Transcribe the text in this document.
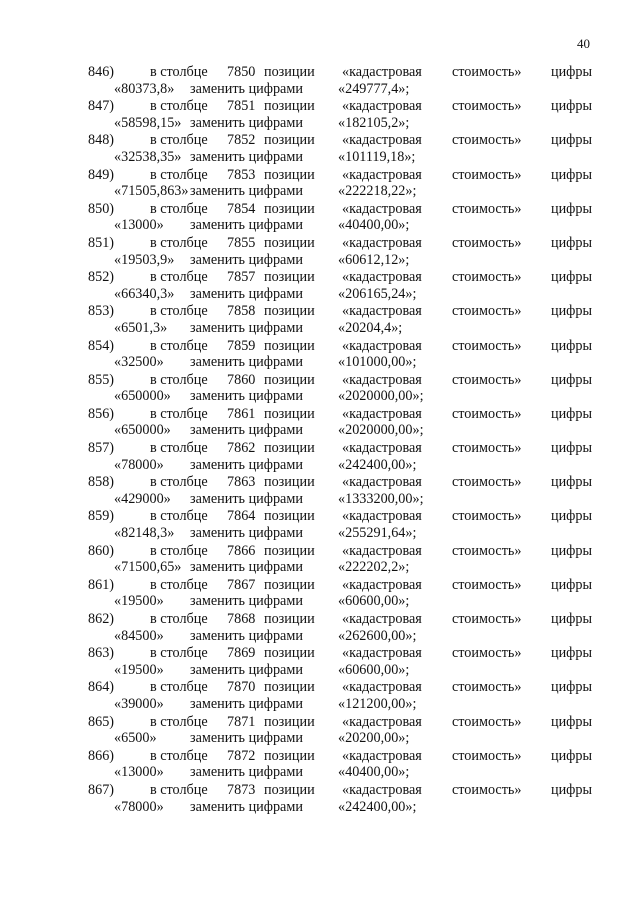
40
846)	в столбце 7850 позиции «кадастровая стоимость» цифры
«80373,8» заменить цифрами «249777,4»;
847)	в столбце 7851 позиции «кадастровая стоимость» цифры
«58598,15» заменить цифрами «182105,2»;
848)	в столбце 7852 позиции «кадастровая стоимость» цифры
«32538,35» заменить цифрами «101119,18»;
849)	в столбце 7853 позиции «кадастровая стоимость» цифры
«71505,863» заменить цифрами «222218,22»;
850)	в столбце 7854 позиции «кадастровая стоимость» цифры
«13000» заменить цифрами «40400,00»;
851)	в столбце 7855 позиции «кадастровая стоимость» цифры
«19503,9» заменить цифрами «60612,12»;
852)	в столбце 7857 позиции «кадастровая стоимость» цифры
«66340,3» заменить цифрами «206165,24»;
853)	в столбце 7858 позиции «кадастровая стоимость» цифры
«6501,3» заменить цифрами «20204,4»;
854)	в столбце 7859 позиции «кадастровая стоимость» цифры
«32500» заменить цифрами «101000,00»;
855)	в столбце 7860 позиции «кадастровая стоимость» цифры
«650000» заменить цифрами «2020000,00»;
856)	в столбце 7861 позиции «кадастровая стоимость» цифры
«650000» заменить цифрами «2020000,00»;
857)	в столбце 7862 позиции «кадастровая стоимость» цифры
«78000» заменить цифрами «242400,00»;
858)	в столбце 7863 позиции «кадастровая стоимость» цифры
«429000» заменить цифрами «1333200,00»;
859)	в столбце 7864 позиции «кадастровая стоимость» цифры
«82148,3» заменить цифрами «255291,64»;
860)	в столбце 7866 позиции «кадастровая стоимость» цифры
«71500,65» заменить цифрами «222202,2»;
861)	в столбце 7867 позиции «кадастровая стоимость» цифры
«19500» заменить цифрами «60600,00»;
862)	в столбце 7868 позиции «кадастровая стоимость» цифры
«84500» заменить цифрами «262600,00»;
863)	в столбце 7869 позиции «кадастровая стоимость» цифры
«19500» заменить цифрами «60600,00»;
864)	в столбце 7870 позиции «кадастровая стоимость» цифры
«39000» заменить цифрами «121200,00»;
865)	в столбце 7871 позиции «кадастровая стоимость» цифры
«6500» заменить цифрами «20200,00»;
866)	в столбце 7872 позиции «кадастровая стоимость» цифры
«13000» заменить цифрами «40400,00»;
867)	в столбце 7873 позиции «кадастровая стоимость» цифры
«78000» заменить цифрами «242400,00»;
